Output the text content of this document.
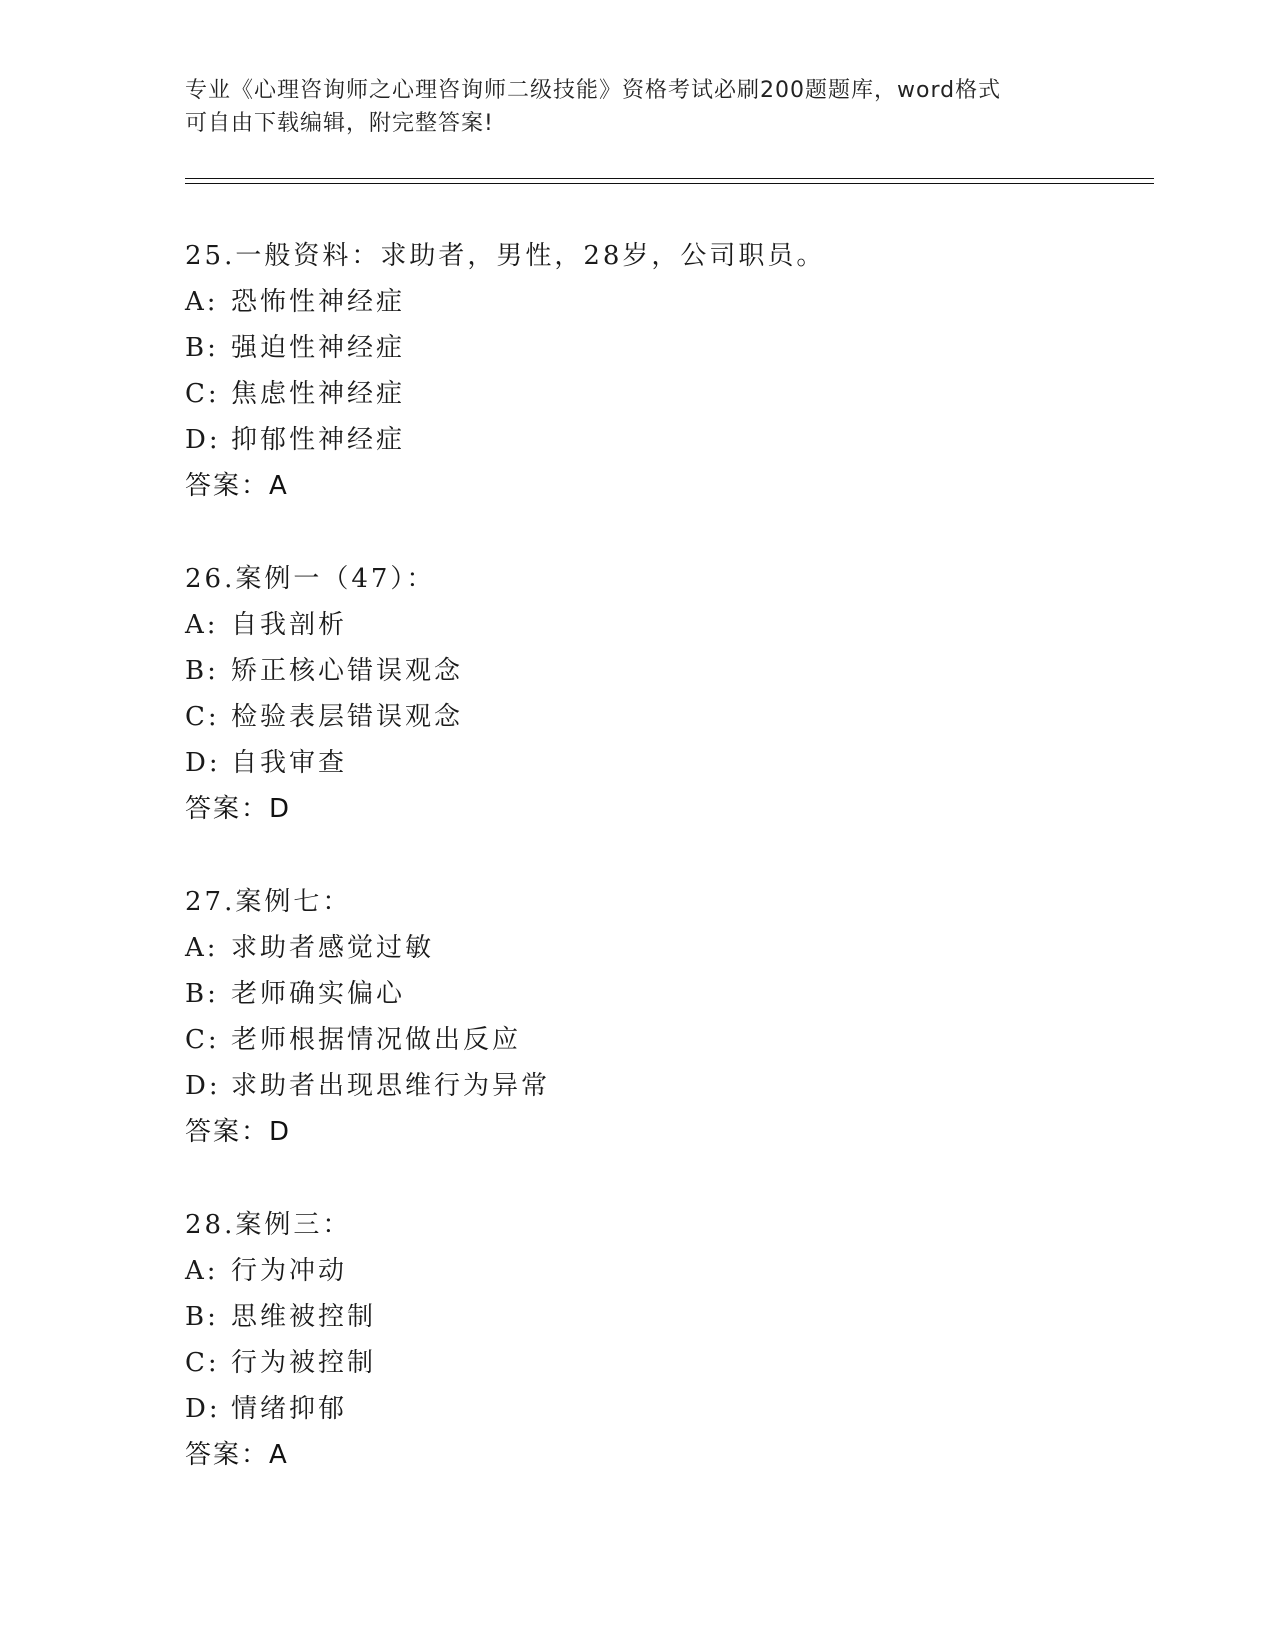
专业《心理咨询师之心理咨询师二级技能》资格考试必刷200题题库，word格式

可自由下载编辑，附完整答案!

25.一般资料：求助者，男性，28岁，公司职员。
A: 恐怖性神经症
B: 强迫性神经症
C: 焦虑性神经症
D: 抑郁性神经症
答案：A
26.案例一（47）：
A: 自我剖析
B: 矫正核心错误观念
C: 检验表层错误观念
D: 自我审查
答案：D
27.案例七：
A: 求助者感觉过敏
B: 老师确实偏心
C: 老师根据情况做出反应
D: 求助者出现思维行为异常
答案：D
28.案例三：
A: 行为冲动
B: 思维被控制
C: 行为被控制
D: 情绪抑郁
答案：A
